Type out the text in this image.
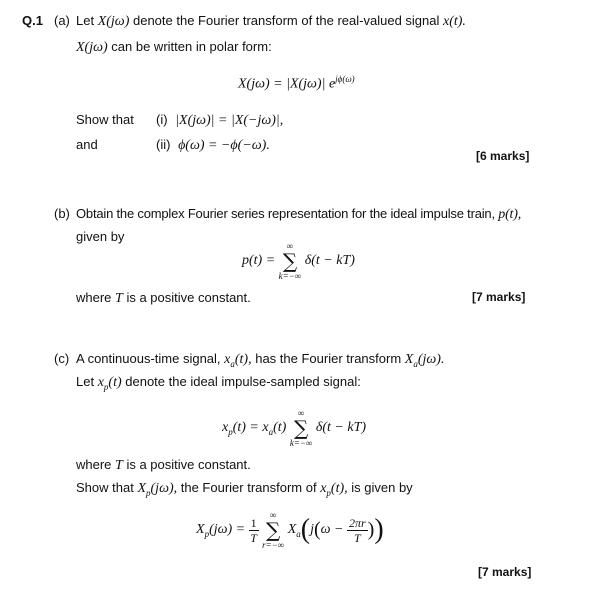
Q.1 (a) Let X(jω) denote the Fourier transform of the real-valued signal x(t).
X(jω) can be written in polar form:
X(jω) = |X(jω)| $e^{j\phi(\omega)}$
Show that (i) |X(jω)| = |X(−jω)|,
and	(ii) ϕ(ω) = −ϕ(−ω).
[6 marks]
(b) Obtain the complex Fourier series representation for the ideal impulse train, p(t),
given by
p(t) =
∞
∑
k=−∞
δ(t − kT)
where T is a positive constant.	[7 marks]
(c) A continuous-time signal, $x_a(t)$, has the Fourier transform $X_a(j\omega)$.
Let $x_p(t)$ denote the ideal impulse-sampled signal:
$x_p(t) = x_a(t)$
∞
∑
k=−∞
δ(t − kT)
where T is a positive constant.
Show that $X_p(j\omega)$, the Fourier transform of $x_p(t)$, is given by
$X_p(j\omega) = \frac{1}{T}$

∞
∑
r=−∞
$X_a(j(\omega - \frac{2\pi r}{T}$ ))
[7 marks]
